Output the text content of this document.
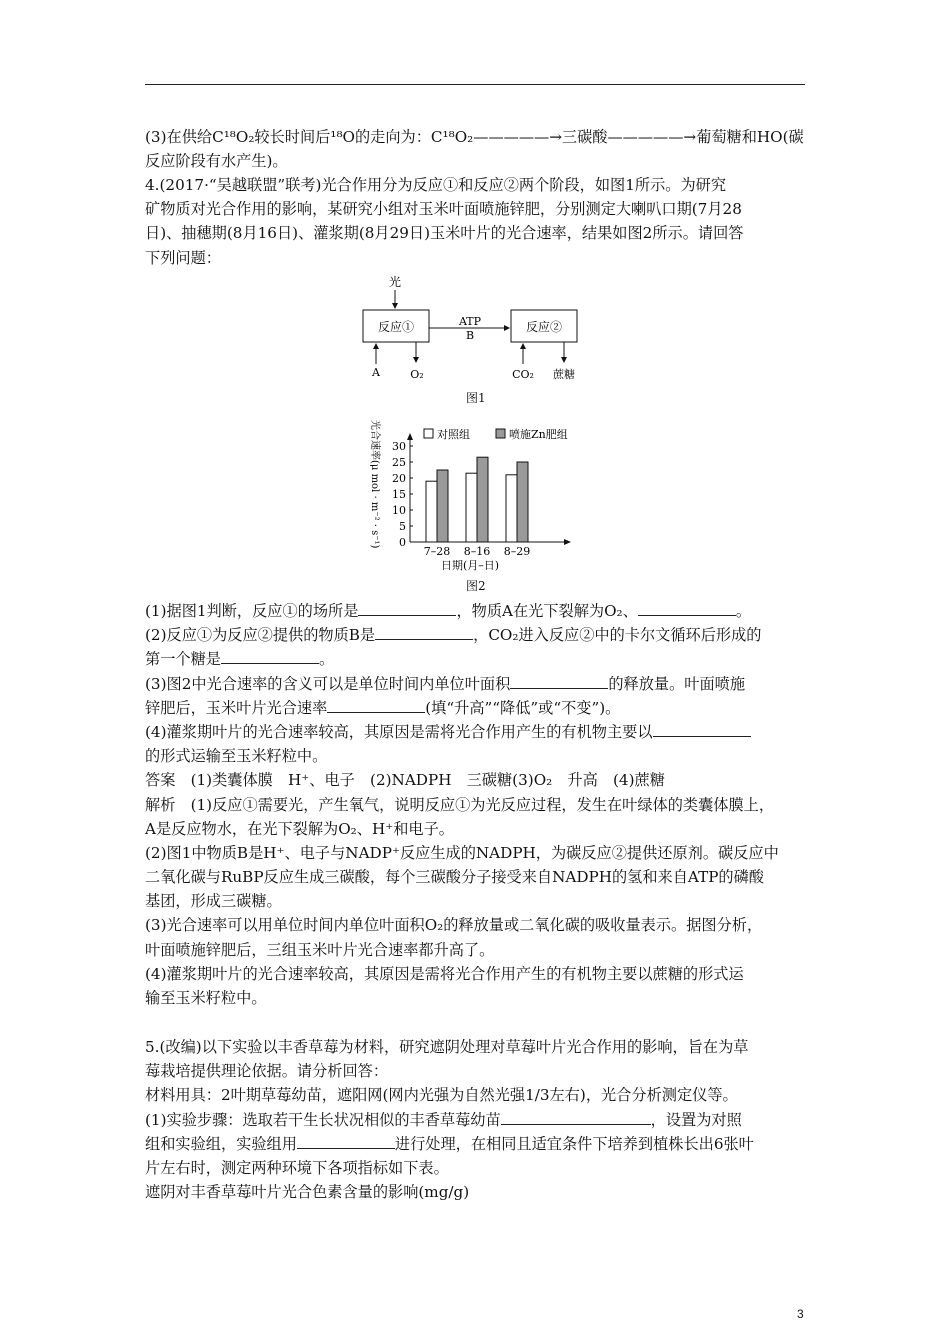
(3)在供给C¹⁸O₂较长时间后¹⁸O的走向为：C¹⁸O₂—————→三碳酸—————→葡萄糖和HO(碳
反应阶段有水产生)。
4.(2017·“吴越联盟”联考)光合作用分为反应①和反应②两个阶段，如图1所示。为研究
矿物质对光合作用的影响，某研究小组对玉米叶面喷施锌肥，分别测定大喇叭口期(7月28
日)、抽穗期(8月16日)、灌浆期(8月29日)玉米叶片的光合速率，结果如图2所示。请回答
下列问题：
光
反应①	ATP
B
反应②
A	O₂	CO₂ 蔗糖
图1
光合速率(μ mol · m⁻² · s⁻¹) 0
5
10
15
20
25
30
7–28 8–16 8–29
对照组	喷施Zn肥组
日期(月–日)
图2
(1)据图1判断，反应①的场所是	，物质A在光下裂解为O₂、	。
(2)反应①为反应②提供的物质B是	，CO₂进入反应②中的卡尔文循环后形成的
第一个糖是	。
(3)图2中光合速率的含义可以是单位时间内单位叶面积	的释放量。叶面喷施
锌肥后，玉米叶片光合速率	(填“升高”“降低”或“不变”)。
(4)灌浆期叶片的光合速率较高，其原因是需将光合作用产生的有机物主要以
的形式运输至玉米籽粒中。
答案　(1)类囊体膜　H⁺、电子　(2)NADPH　三碳糖(3)O₂　升高　(4)蔗糖
解析　(1)反应①需要光，产生氧气，说明反应①为光反应过程，发生在叶绿体的类囊体膜上，
A是反应物水，在光下裂解为O₂、H⁺和电子。
(2)图1中物质B是H⁺、电子与NADP⁺反应生成的NADPH，为碳反应②提供还原剂。碳反应中
二氧化碳与RuBP反应生成三碳酸，每个三碳酸分子接受来自NADPH的氢和来自ATP的磷酸
基团，形成三碳糖。
(3)光合速率可以用单位时间内单位叶面积O₂的释放量或二氧化碳的吸收量表示。据图分析，
叶面喷施锌肥后，三组玉米叶片光合速率都升高了。
(4)灌浆期叶片的光合速率较高，其原因是需将光合作用产生的有机物主要以蔗糖的形式运
输至玉米籽粒中。
5.(改编)以下实验以丰香草莓为材料，研究遮阴处理对草莓叶片光合作用的影响，旨在为草
莓栽培提供理论依据。请分析回答：
材料用具：2叶期草莓幼苗，遮阳网(网内光强为自然光强1/3左右)，光合分析测定仪等。
(1)实验步骤：选取若干生长状况相似的丰香草莓幼苗	，设置为对照
组和实验组，实验组用	进行处理，在相同且适宜条件下培养到植株长出6张叶
片左右时，测定两种环境下各项指标如下表。
遮阴对丰香草莓叶片光合色素含量的影响(mg/g)
3
